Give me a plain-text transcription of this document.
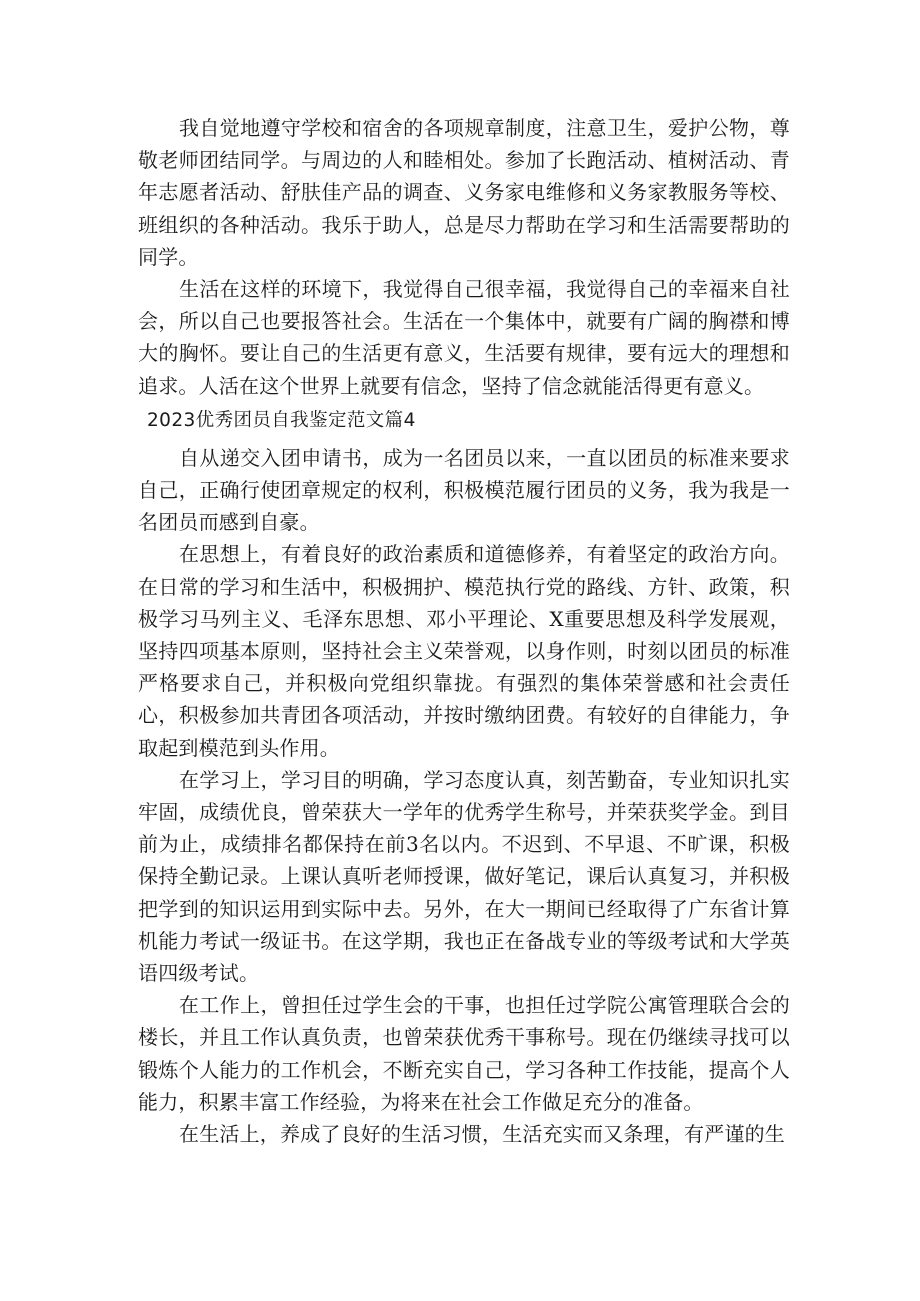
我自觉地遵守学校和宿舍的各项规章制度，注意卫生，爱护公物，尊敬老师团结同学。与周边的人和睦相处。参加了长跑活动、植树活动、青年志愿者活动、舒肤佳产品的调查、义务家电维修和义务家教服务等校、班组织的各种活动。我乐于助人，总是尽力帮助在学习和生活需要帮助的同学。

生活在这样的环境下，我觉得自己很幸福，我觉得自己的幸福来自社会，所以自己也要报答社会。生活在一个集体中，就要有广阔的胸襟和博大的胸怀。要让自己的生活更有意义，生活要有规律，要有远大的理想和追求。人活在这个世界上就要有信念，坚持了信念就能活得更有意义。

2023优秀团员自我鉴定范文篇4

自从递交入团申请书，成为一名团员以来，一直以团员的标准来要求自己，正确行使团章规定的权利，积极模范履行团员的义务，我为我是一名团员而感到自豪。

在思想上，有着良好的政治素质和道德修养，有着坚定的政治方向。在日常的学习和生活中，积极拥护、模范执行党的路线、方针、政策，积极学习马列主义、毛泽东思想、邓小平理论、X重要思想及科学发展观，坚持四项基本原则，坚持社会主义荣誉观，以身作则，时刻以团员的标准严格要求自己，并积极向党组织靠拢。有强烈的集体荣誉感和社会责任心，积极参加共青团各项活动，并按时缴纳团费。有较好的自律能力，争取起到模范到头作用。

在学习上，学习目的明确，学习态度认真，刻苦勤奋，专业知识扎实牢固，成绩优良，曾荣获大一学年的优秀学生称号，并荣获奖学金。到目前为止，成绩排名都保持在前3名以内。不迟到、不早退、不旷课，积极保持全勤记录。上课认真听老师授课，做好笔记，课后认真复习，并积极把学到的知识运用到实际中去。另外，在大一期间已经取得了广东省计算机能力考试一级证书。在这学期，我也正在备战专业的等级考试和大学英语四级考试。

在工作上，曾担任过学生会的干事，也担任过学院公寓管理联合会的楼长，并且工作认真负责，也曾荣获优秀干事称号。现在仍继续寻找可以锻炼个人能力的工作机会，不断充实自己，学习各种工作技能，提高个人能力，积累丰富工作经验，为将来在社会工作做足充分的准备。

在生活上，养成了良好的生活习惯，生活充实而又条理，有严谨的生
